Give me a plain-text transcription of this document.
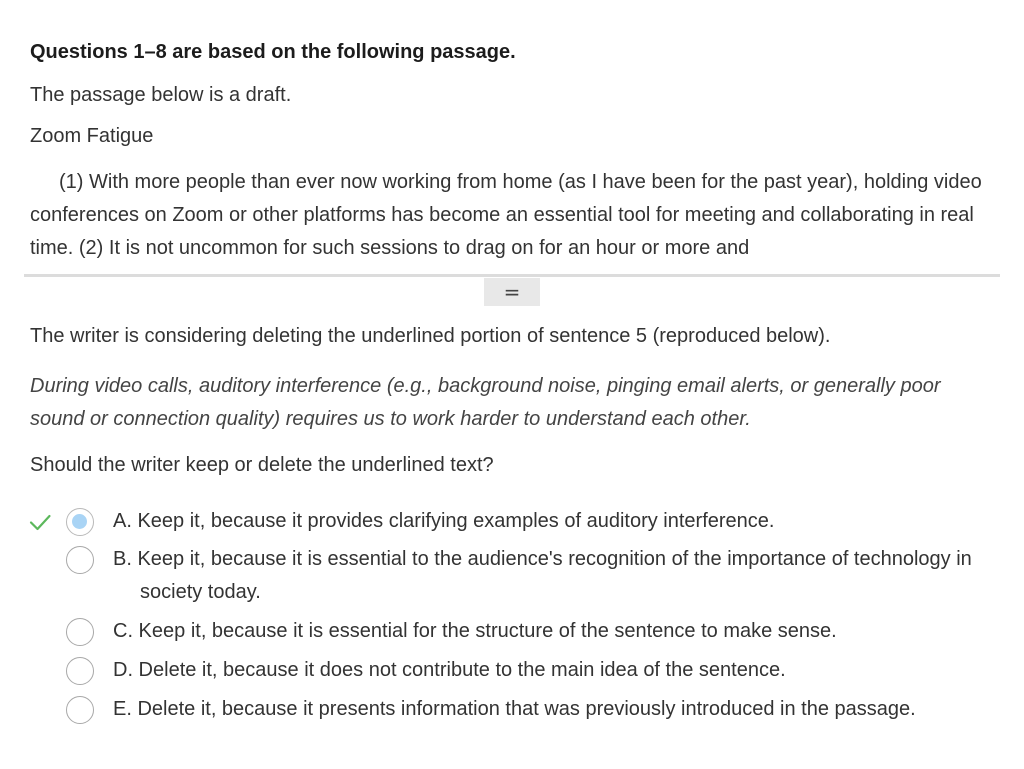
Questions 1–8 are based on the following passage.
The passage below is a draft.
Zoom Fatigue
(1) With more people than ever now working from home (as I have been for the past year), holding video conferences on Zoom or other platforms has become an essential tool for meeting and collaborating in real time. (2) It is not uncommon for such sessions to drag on for an hour or more and
=
The writer is considering deleting the underlined portion of sentence 5 (reproduced below).
During video calls, auditory interference (e.g., background noise, pinging email alerts, or generally poor sound or connection quality) requires us to work harder to understand each other.
Should the writer keep or delete the underlined text?
A. Keep it, because it provides clarifying examples of auditory interference.
B. Keep it, because it is essential to the audience's recognition of the importance of technology in society today.
C. Keep it, because it is essential for the structure of the sentence to make sense.
D. Delete it, because it does not contribute to the main idea of the sentence.
E. Delete it, because it presents information that was previously introduced in the passage.
